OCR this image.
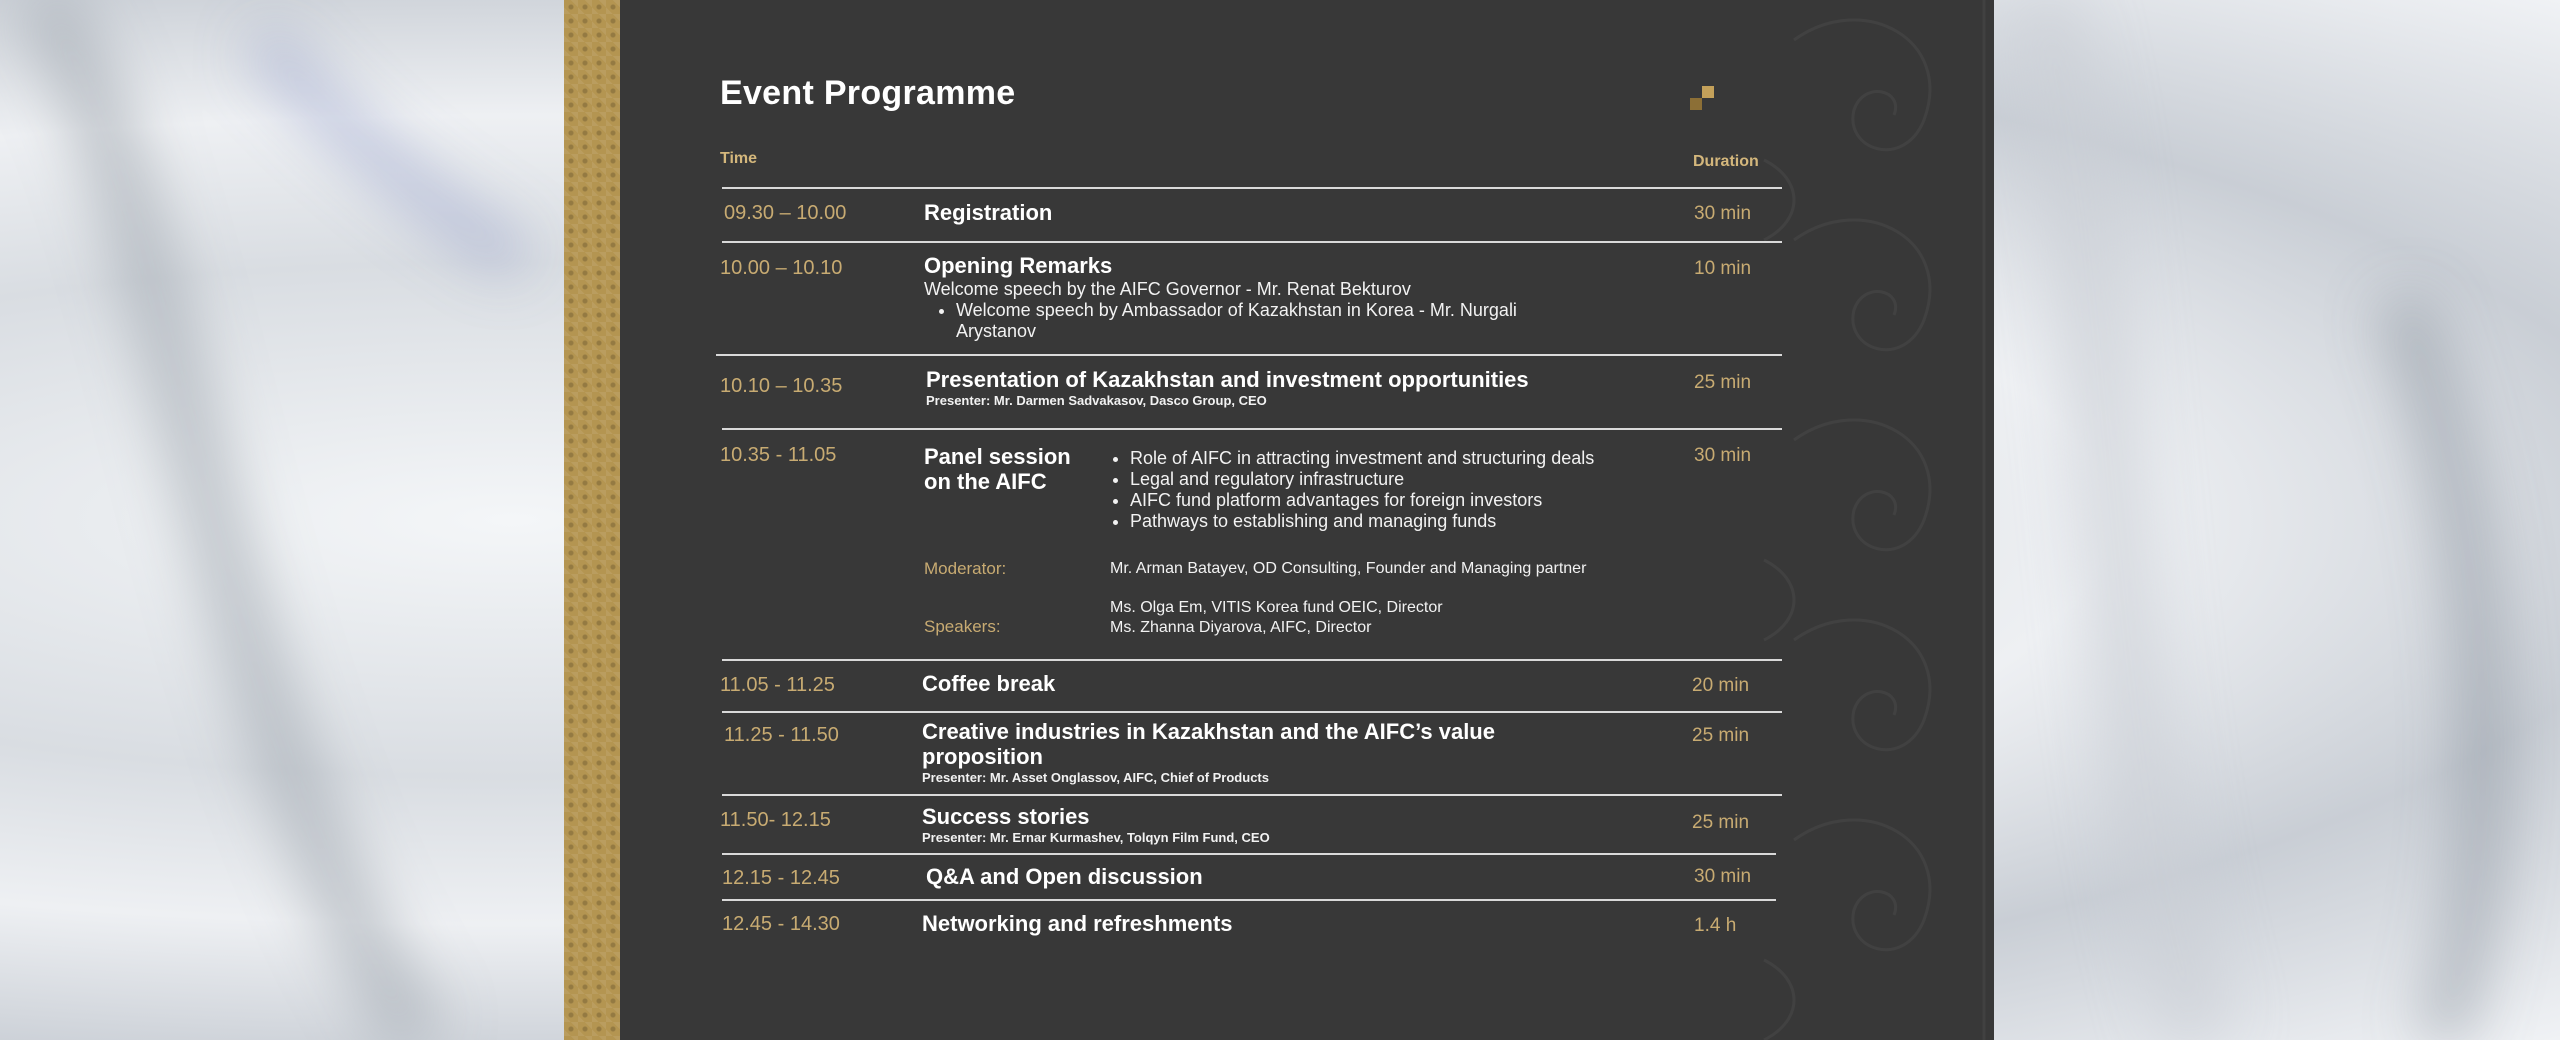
Event Programme
Time	Duration
09.30 – 10.00	Registration	30 min
10.00 – 10.10	Opening Remarks
Welcome speech by the AIFC Governor - Mr. Renat Bekturov
• Welcome speech by Ambassador of Kazakhstan in Korea - Mr. Nurgali Arystanov
10 min
10.10 – 10.35	Presentation of Kazakhstan and investment opportunities
Presenter: Mr. Darmen Sadvakasov, Dasco Group, CEO
25 min
10.35 - 11.05	Panel session on the AIFC
• Role of AIFC in attracting investment and structuring deals
• Legal and regulatory infrastructure
• AIFC fund platform advantages for foreign investors
• Pathways to establishing and managing funds
Moderator:	Mr. Arman Batayev, OD Consulting, Founder and Managing partner
Ms. Olga Em, VITIS Korea fund OEIC, Director
Speakers:	Ms. Zhanna Diyarova, AIFC, Director
30 min
11.05 - 11.25	Coffee break	20 min
11.25 - 11.50	Creative industries in Kazakhstan and the AIFC’s value proposition
Presenter: Mr. Asset Onglassov, AIFC, Chief of Products
25 min
11.50- 12.15	Success stories
Presenter: Mr. Ernar Kurmashev, Tolqyn Film Fund, CEO
25 min
12.15 - 12.45	Q&A and Open discussion	30 min
12.45 - 14.30	Networking and refreshments	1.4 h
